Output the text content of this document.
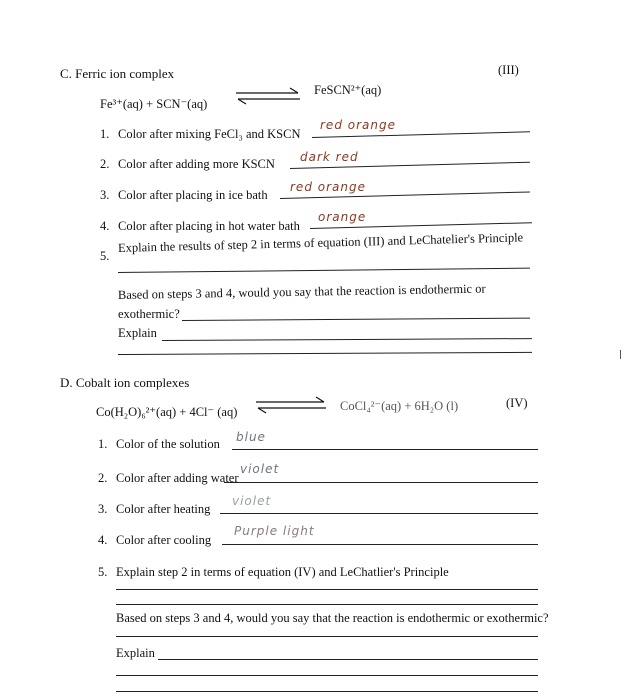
C. Ferric ion complex	(III)
Fe³⁺(aq) + SCN⁻(aq)
FeSCN²⁺(aq)
1. Color after mixing FeCl₃ and KSCN
red orange
2. Color after adding more KSCN dark red
3. Color after placing in ice bath
red orange
4. Color after placing in hot water bath
orange
5.
Explain the results of step 2 in terms of equation (III) and LeChatelier's Principle
Based on steps 3 and 4, would you say that the reaction is endothermic or
exothermic?
Explain
D. Cobalt ion complexes
Co(H₂O)₆²⁺(aq) + 4Cl⁻ (aq)	CoCl₄²⁻(aq) + 6H₂O (l)	(IV)
1. Color of the solution blue
2. Color after adding water
violet
3. Color after heating
violet
4. Color after cooling
Purple light
5. Explain step 2 in terms of equation (IV) and LeChatlier's Principle
Based on steps 3 and 4, would you say that the reaction is endothermic or exothermic?
Explain
